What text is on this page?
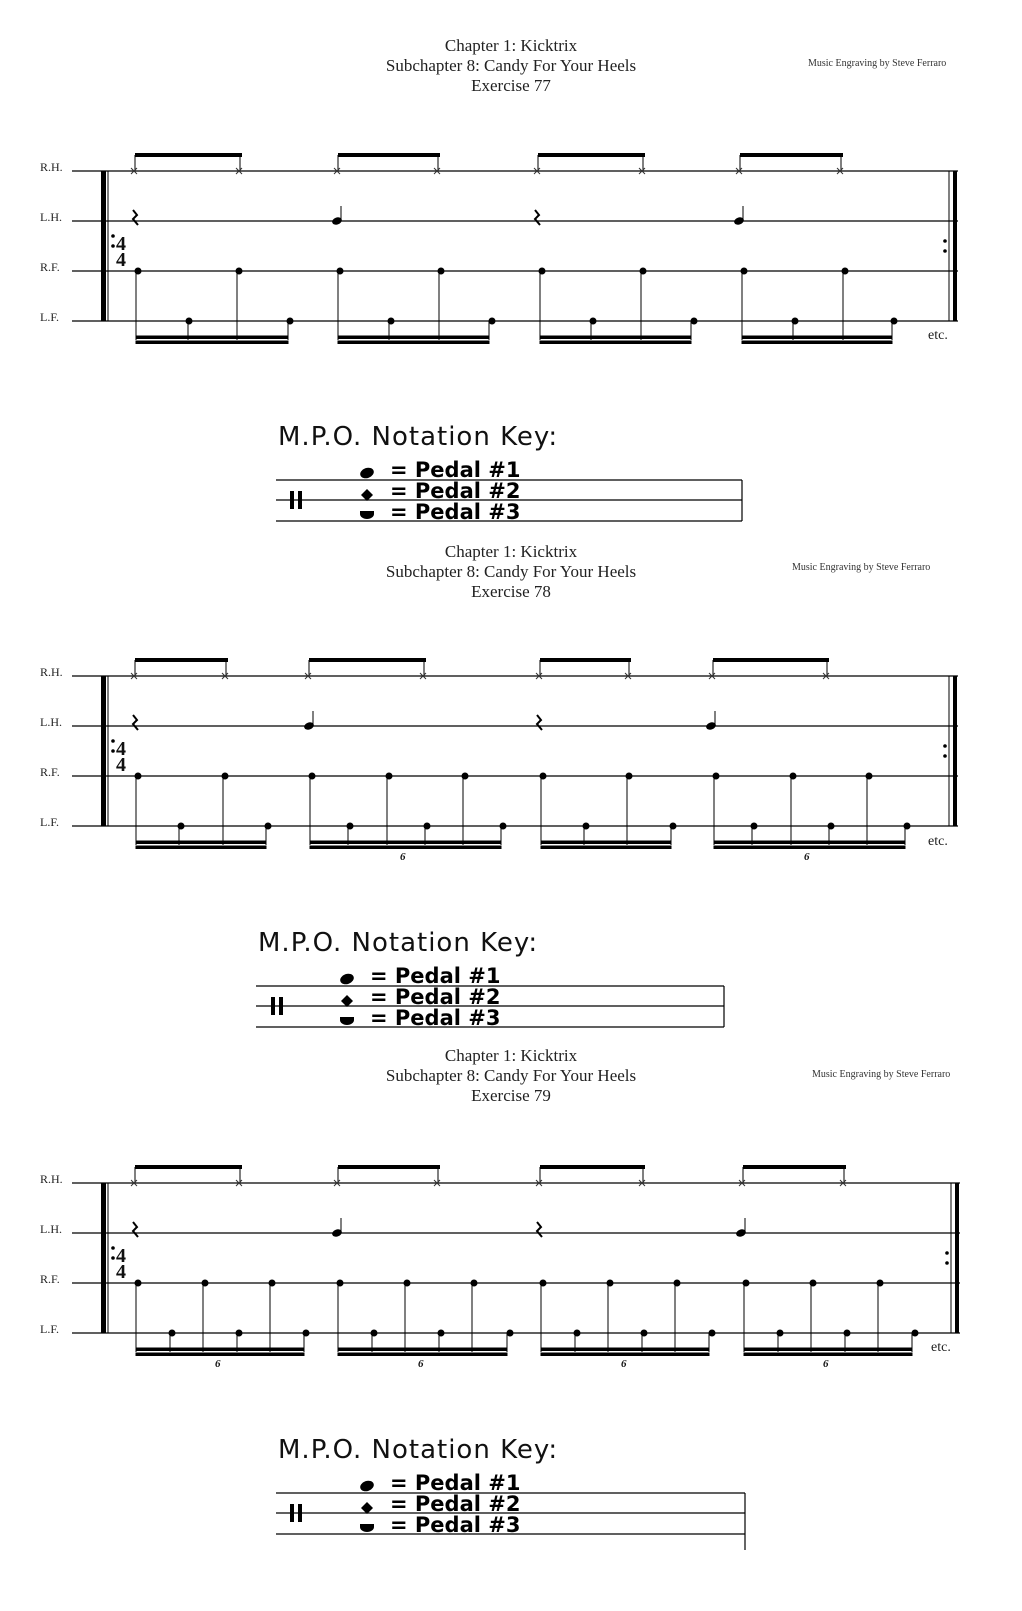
Chapter 1: Kicktrix
Subchapter 8: Candy For Your Heels
Exercise 77
Music Engraving by Steve Ferraro
R.H.
L.H.
R.F.
L.F.
4
4
etc.
M.P.O. Notation Key:
= Pedal #1
= Pedal #2
= Pedal #3
Chapter 1: Kicktrix
Subchapter 8: Candy For Your Heels
Exercise 78
Music Engraving by Steve Ferraro
R.H.
L.H.
R.F.
L.F.
6	6
4
4
etc.
M.P.O. Notation Key:
= Pedal #1
= Pedal #2
= Pedal #3
Chapter 1: Kicktrix
Subchapter 8: Candy For Your Heels
Exercise 79
Music Engraving by Steve Ferraro
R.H.
L.H.
R.F.
L.F.
6	6	6	6
4
4
etc.
M.P.O. Notation Key:
= Pedal #1
= Pedal #2
= Pedal #3
